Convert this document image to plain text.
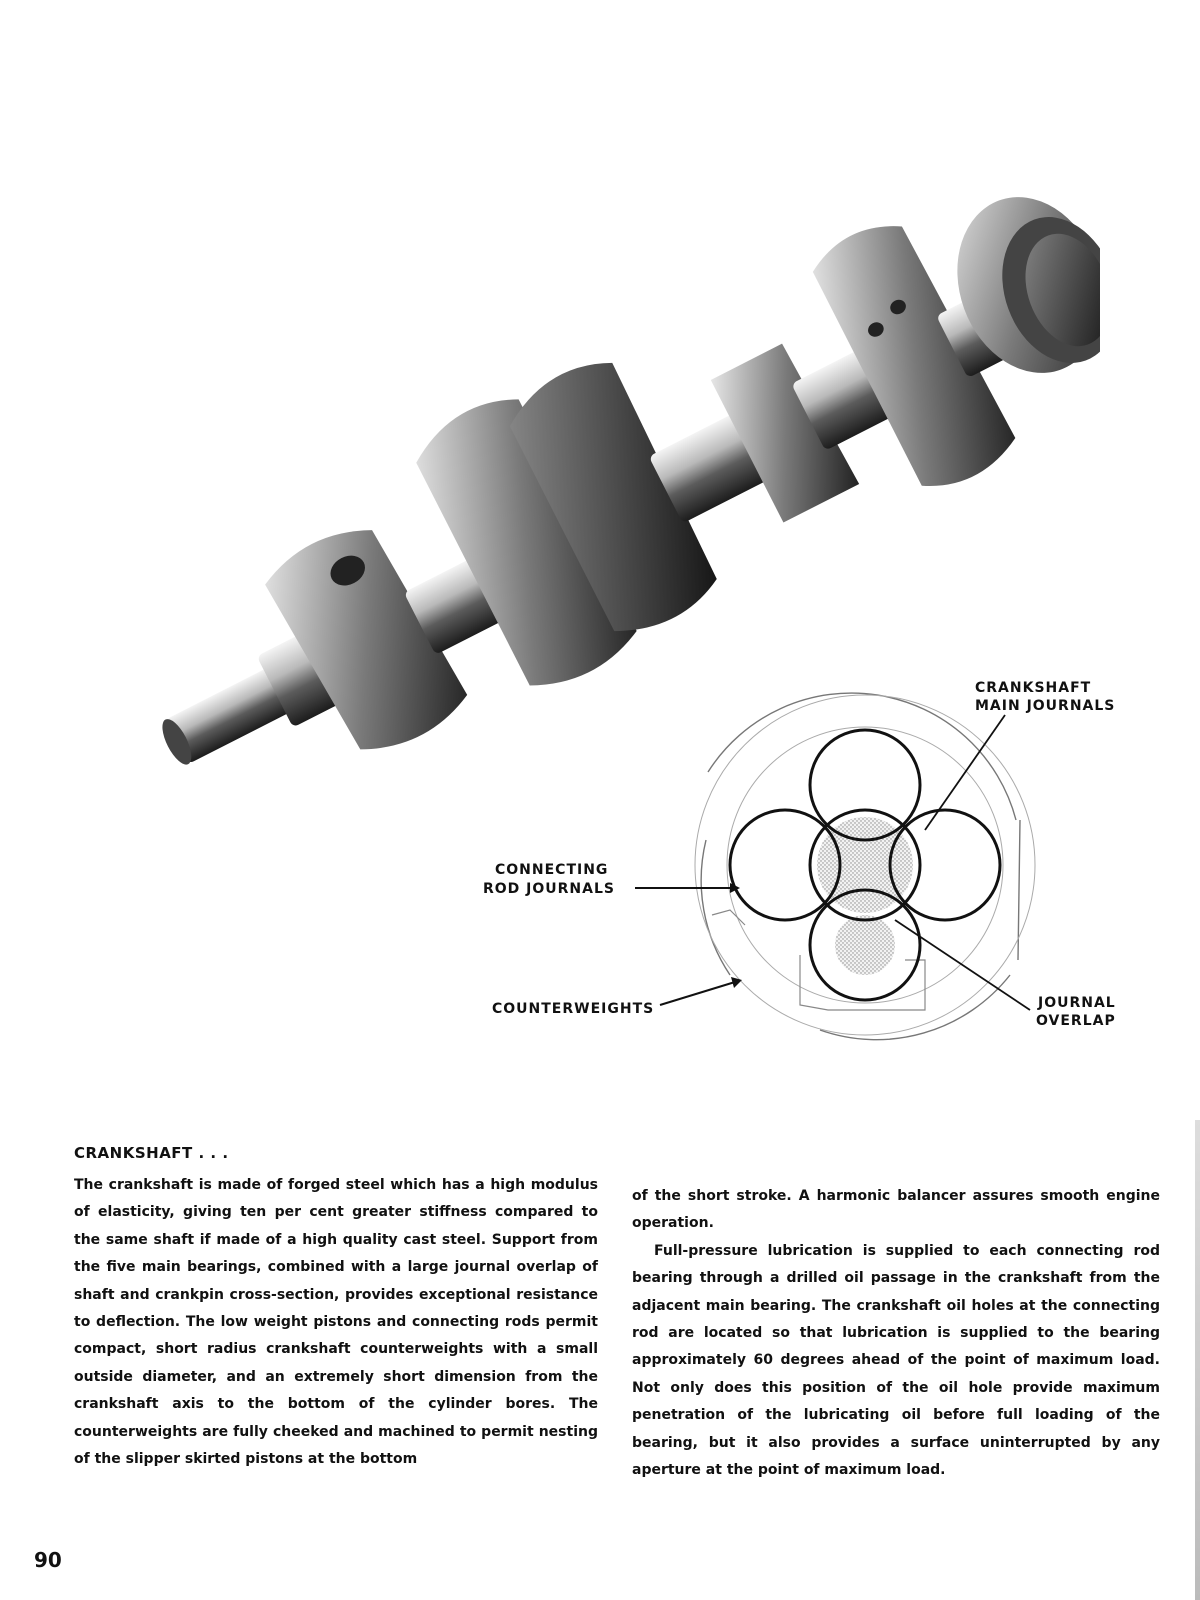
CRANKSHAFT
MAIN JOURNALS
CONNECTING
ROD JOURNALS
COUNTERWEIGHTS	JOURNAL
OVERLAP
CRANKSHAFT . . .

The crankshaft is made of forged steel which has a high modulus of elasticity, giving ten per cent greater stiffness compared to the same shaft if made of a high quality cast steel. Support from the five main bearings, combined with a large journal overlap of shaft and crankpin cross-section, provides exceptional resistance to deflection. The low weight pistons and connecting rods permit compact, short radius crankshaft counterweights with a small outside diameter, and an extremely short dimension from the crankshaft axis to the bottom of the cylinder bores. The counterweights are fully cheeked and machined to permit nesting of the slipper skirted pistons at the bottom

of the short stroke. A harmonic balancer assures smooth engine operation.

Full-pressure lubrication is supplied to each connecting rod bearing through a drilled oil passage in the crankshaft from the adjacent main bearing. The crankshaft oil holes at the connecting rod are located so that lubrication is supplied to the bearing approximately 60 degrees ahead of the point of maximum load. Not only does this position of the oil hole provide maximum penetration of the lubricating oil before full loading of the bearing, but it also provides a surface uninterrupted by any aperture at the point of maximum load.

90
